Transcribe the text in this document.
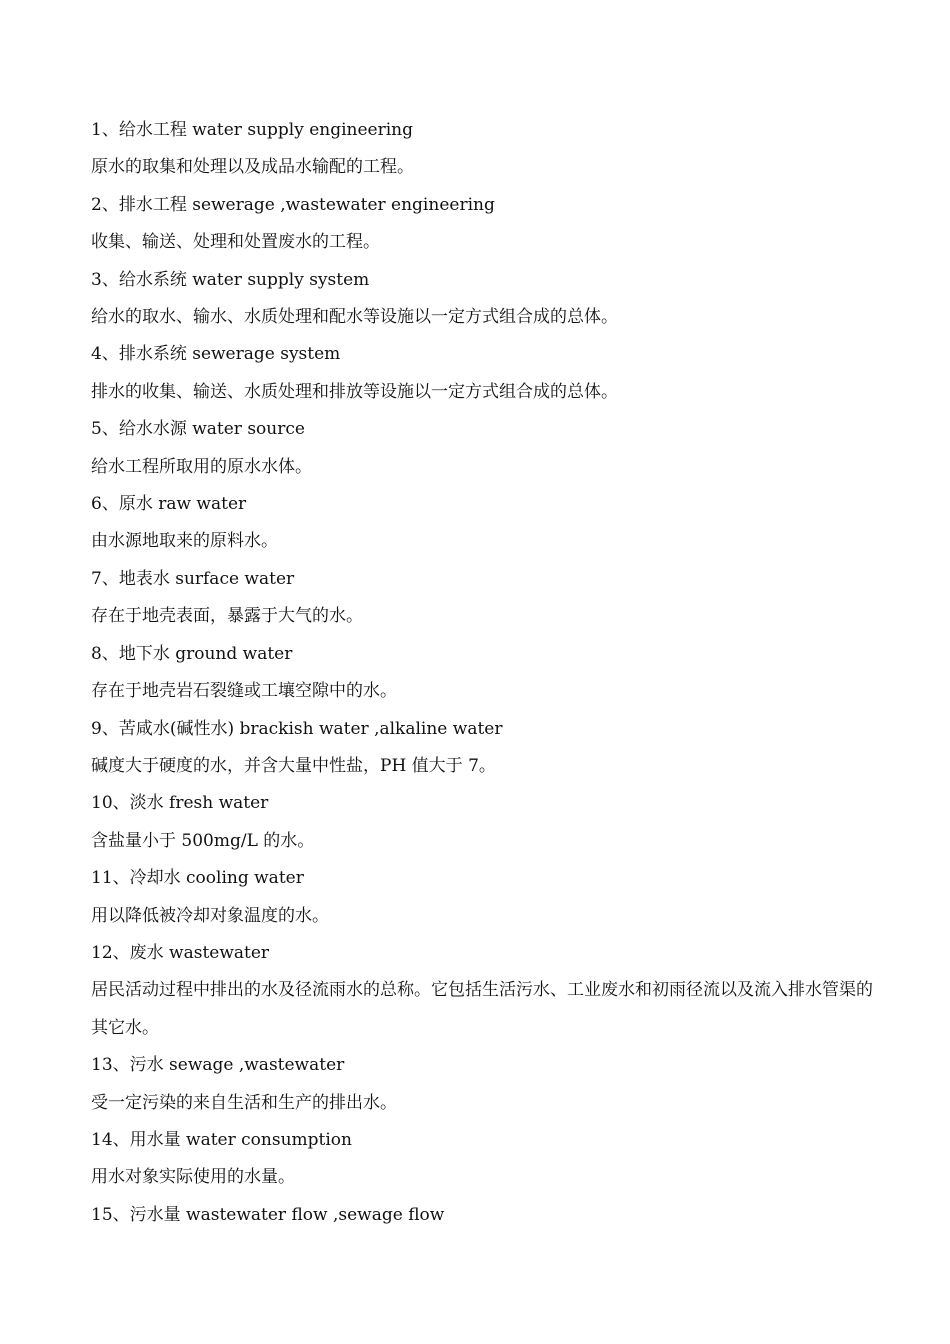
1、给水工程 water supply engineering

原水的取集和处理以及成品水输配的工程。

2、排水工程 sewerage ,wastewater engineering

收集、输送、处理和处置废水的工程。

3、给水系统 water supply system

给水的取水、输水、水质处理和配水等设施以一定方式组合成的总体。

4、排水系统 sewerage system

排水的收集、输送、水质处理和排放等设施以一定方式组合成的总体。

5、给水水源 water source

给水工程所取用的原水水体。

6、原水 raw water

由水源地取来的原料水。

7、地表水 surface water

存在于地壳表面，暴露于大气的水。

8、地下水 ground water

存在于地壳岩石裂缝或工壤空隙中的水。

9、苦咸水(碱性水) brackish water ,alkaline water

碱度大于硬度的水，并含大量中性盐，PH 值大于 7。

10、淡水 fresh water

含盐量小于 500mg/L 的水。

11、冷却水 cooling water

用以降低被冷却对象温度的水。

12、废水 wastewater

居民活动过程中排出的水及径流雨水的总称。它包括生活污水、工业废水和初雨径流以及流入排水管渠的其它水。

13、污水 sewage ,wastewater

受一定污染的来自生活和生产的排出水。

14、用水量 water consumption

用水对象实际使用的水量。

15、污水量 wastewater flow ,sewage flow
